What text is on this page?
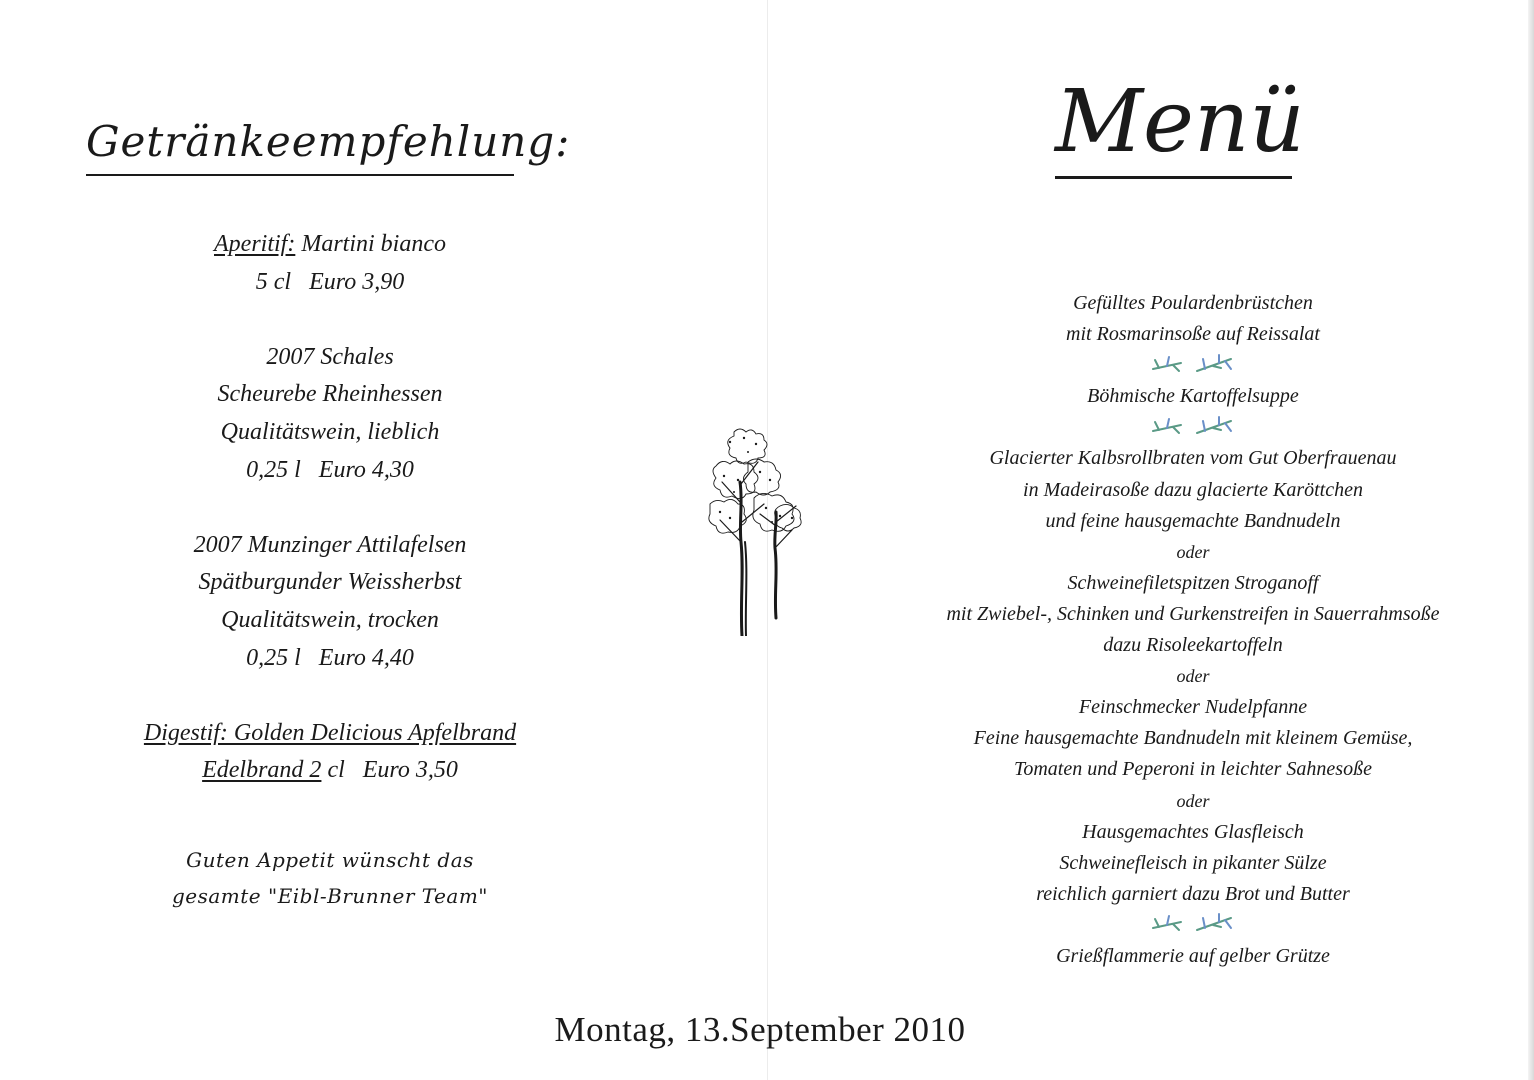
Getränkeempfehlung:
Aperitif: Martini bianco
5 cl Euro 3,90
2007 Schales
Scheurebe Rheinhessen
Qualitätswein, lieblich
0,25 l Euro 4,30
2007 Munzinger Attilafelsen
Spätburgunder Weissherbst
Qualitätswein, trocken
0,25 l Euro 4,40
Digestif: Golden Delicious Apfelbrand
Edelbrand 2 cl Euro 3,50
Guten Appetit wünscht das
gesamte "Eibl-Brunner Team"
Menü
Gefülltes Poulardenbrüstchen
mit Rosmarinsoße auf Reissalat
Böhmische Kartoffelsuppe
Glacierter Kalbsrollbraten vom Gut Oberfrauenau
in Madeirasoße dazu glacierte Karöttchen
und feine hausgemachte Bandnudeln
oder
Schweinefiletspitzen Stroganoff
mit Zwiebel-, Schinken und Gurkenstreifen in Sauerrahmsoße
dazu Risoleekartoffeln
oder
Feinschmecker Nudelpfanne
Feine hausgemachte Bandnudeln mit kleinem Gemüse,
Tomaten und Peperoni in leichter Sahnesoße
oder
Hausgemachtes Glasfleisch
Schweinefleisch in pikanter Sülze
reichlich garniert dazu Brot und Butter
Grießflammerie auf gelber Grütze
Montag, 13.September 2010
